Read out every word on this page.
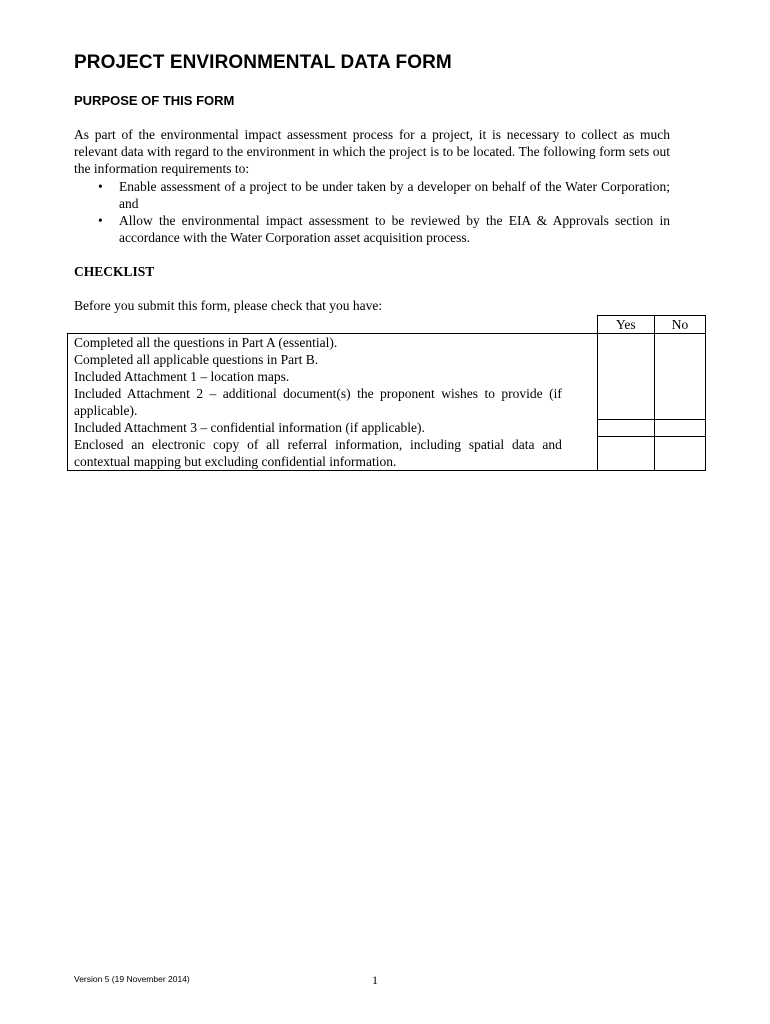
PROJECT ENVIRONMENTAL DATA FORM
PURPOSE OF THIS FORM

As part of the environmental impact assessment process for a project, it is necessary to collect as much relevant data with regard to the environment in which the project is to be located. The following form sets out the information requirements to:

• Enable assessment of a project to be under taken by a developer on behalf of the Water Corporation; and
• Allow the environmental impact assessment to be reviewed by the EIA & Approvals section in accordance with the Water Corporation asset acquisition process.
CHECKLIST

Before you submit this form, please check that you have:

	Yes	No
Completed all the questions in Part A (essential).		
Completed all applicable questions in Part B.		
Included Attachment 1 – location maps.		
Included Attachment 2 – additional document(s) the proponent wishes to provide (if applicable).		
Included Attachment 3 – confidential information (if applicable).		
Enclosed an electronic copy of all referral information, including spatial data and contextual mapping but excluding confidential information.		

Version 5 (19 November 2014)	1
